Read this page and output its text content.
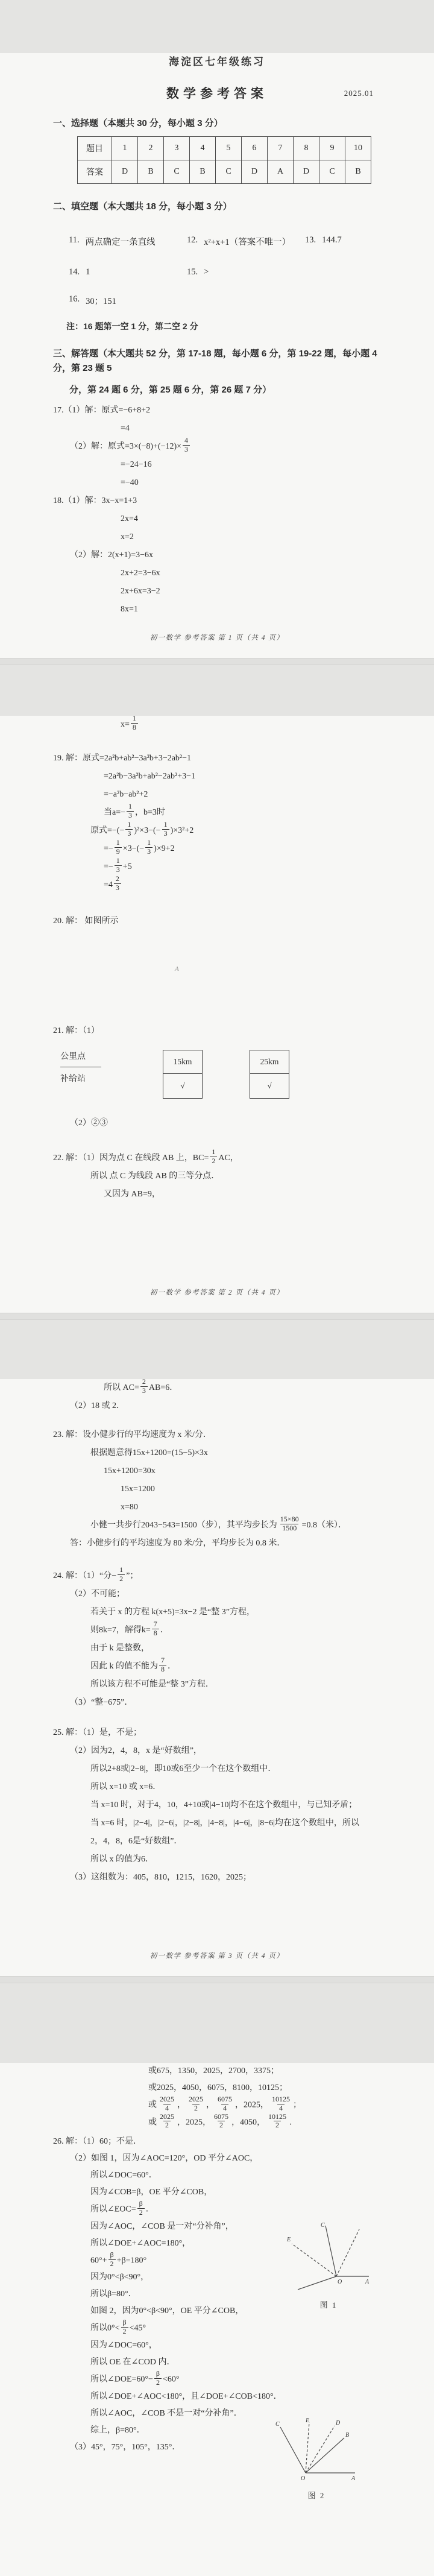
海淀区七年级练习
数学参考答案	2025.01
一、选择题（本题共 30 分，每小题 3 分）
题目	1	2	3	4	5	6	7	8	9	10
答案	D	B	C	B	C	D	A	D	C	B
二、填空题（本大题共 18 分，每小题 3 分）
11. 两点确定一条直线	12. x²+x+1（答案不唯一） 13. 144.7
14. 1	15. >
16. 30；151
注：16 题第一空 1 分，第二空 2 分
三、解答题（本大题共 52 分，第 17-18 题，每小题 6 分，第 19-22 题，每小题 4 分，第 23 题 5
分，第 24 题 6 分，第 25 题 6 分，第 26 题 7 分）
17.（1）解：原式=−6+8+2
=4
（2）解：原式$=3\times(-8)+(-12)\times \frac{4}{3}$
=−24−16
=−40
18.（1）解：3x−x=1+3
2x=4
x=2
（2）解：2(x+1)=3−6x
2x+2=3−6x
2x+6x=3−2
8x=1
初一数学 参考答案 第 1 页（共 4 页）
$x= \frac{1}{8}$
19. 解：原式=2a²b+ab²−3a²b+3−2ab²−1
=2a²b−3a²b+ab²−2ab²+3−1
=−a²b−ab²+2
当$a=- \frac{1}{3}$ ，b=3时
原式=−(− $\frac{1}{3} )^2\times 3-(- \frac{1}{3} )\times 3^2+2$
=− $\frac{1}{9} \times 3-(- \frac{1}{3} )\times 9+2$
=− $\frac{1}{3} +5$
$=4 \frac{2}{3}$
20. 解： 如图所示
A
21. 解：（1）
公里点
补给站
15km
√
25km
√
（2）②③
22. 解：（1）因为点 C 在线段 AB 上，$BC= \frac{1}{2}$ AC，
所以 点 C 为线段 AB 的三等分点．
又因为 AB=9，
初一数学 参考答案 第 2 页（共 4 页）
所以 $AC= \frac{2}{3} AB=6$．
（2）18 或 2．
23. 解：设小健步行的平均速度为 x 米/分．
根据题意得15x+1200=(15−5)×3x
15x+1200=30x
15x=1200
x=80
小健一共步行2043−543=1500（步），其平均步长为 $\frac{15\times 80}{1500} =0.8$（米）．
答：小健步行的平均速度为 80 米/分，平均步长为 0.8 米．
24. 解：（1）“分− $\frac{1}{2}$ ”；
（2）不可能；
若关于 x 的方程 k(x+5)=3x−2 是“整 3”方程，
则8k=7，解得$k= \frac{7}{8}$ ．
由于 k 是整数，
因此 k 的值不能为 $\frac{7}{8}$ ．
所以该方程不可能是“整 3”方程．
（3）“整−675”．
25. 解：（1）是，不是；
（2）因为2，4，8，x 是“好数组”，
所以2+8或|2−8|，即10或6至少一个在这个数组中．
所以 x=10 或 x=6．
当 x=10 时，对于4，10，4+10或|4−10|均不在这个数组中，与已知矛盾；
当 x=6 时，|2−4|，|2−6|，|2−8|，|4−8|，|4−6|，|8−6|均在这个数组中，所以
2，4，8，6是“好数组”．
所以 x 的值为6．
（3）这组数为：405，810，1215，1620，2025；
初一数学 参考答案 第 3 页（共 4 页）
或675，1350，2025，2700，3375；
或2025，4050，6075，8100，10125；
或 $\frac{2025}{4}$ ， $\frac{2025}{2}$ ， $\frac{6075}{4}$ ，2025， $\frac{10125}{4}$ ；
或 $\frac{2025}{2}$ ，2025， $\frac{6075}{2}$ ，4050， $\frac{10125}{2}$ ．
26. 解：（1）60；不是．
（2）如图 1，因为∠AOC=120°，OD 平分∠AOC，
所以∠DOC=60°．
因为∠COB=β，OE 平分∠COB，
所以∠EOC= $\frac{\beta}{2}$ ．
因为∠AOC，∠COB 是一对“分补角”，
所以∠DOE+∠AOC=180°，
$60^\circ+ \frac{\beta}{2} +\beta=180^\circ$
因为0°<β<90°，
所以β=80°．
如图 2，因为0°<β<90°，OE 平分∠COB，
所以$0^\circ< \frac{\beta}{2} <45^\circ$
因为∠DOC=60°，
所以 OE 在∠COD 内．
所以∠DOE=60°− $\frac{\beta}{2} <60^\circ$
所以∠DOE+∠AOC<180°，且∠DOE+∠COB<180°．
所以∠AOC，∠COB 不是一对“分补角”．
综上，β=80°．
（3）45°，75°，105°，135°．
C
E
O	A
图 1
C
E	D
B
O	A
图 2
